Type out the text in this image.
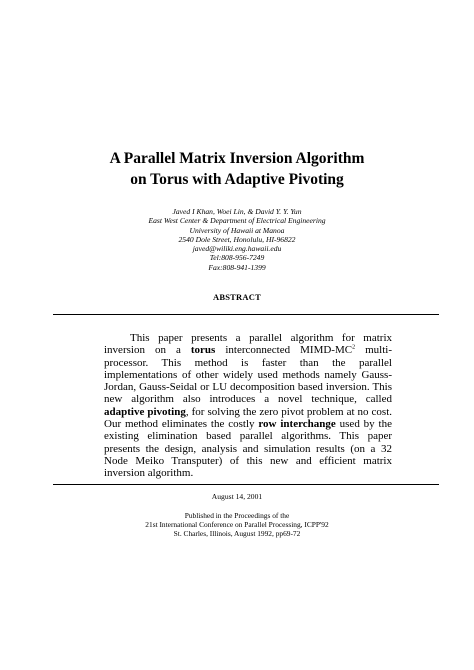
A Parallel Matrix Inversion Algorithm
on Torus with Adaptive Pivoting
Javed I Khan, Woei Lin, & David Y. Y. Yun
East West Center & Department of Electrical Engineering
University of Hawaii at Manoa
2540 Dole Street, Honolulu, HI-96822
javed@wiliki.eng.hawaii.edu
Tel:808-956-7249
Fax:808-941-1399
ABSTRACT

This paper presents a parallel algorithm for matrix inversion on a torus interconnected MIMD-$MC^2$ multi-processor. This method is faster than the parallel implementations of other widely used methods namely Gauss-Jordan, Gauss-Seidal or LU decomposition based inversion. This new algorithm also introduces a novel technique, called adaptive pivoting, for solving the zero pivot problem at no cost. Our method eliminates the costly row interchange used by the existing elimination based parallel algorithms. This paper presents the design, analysis and simulation results (on a 32 Node Meiko Transputer) of this new and efficient matrix inversion algorithm.

August 14, 2001
Published in the Proceedings of the
21st International Conference on Parallel Processing, ICPP'92
St. Charles, Illinois, August 1992, pp69-72
